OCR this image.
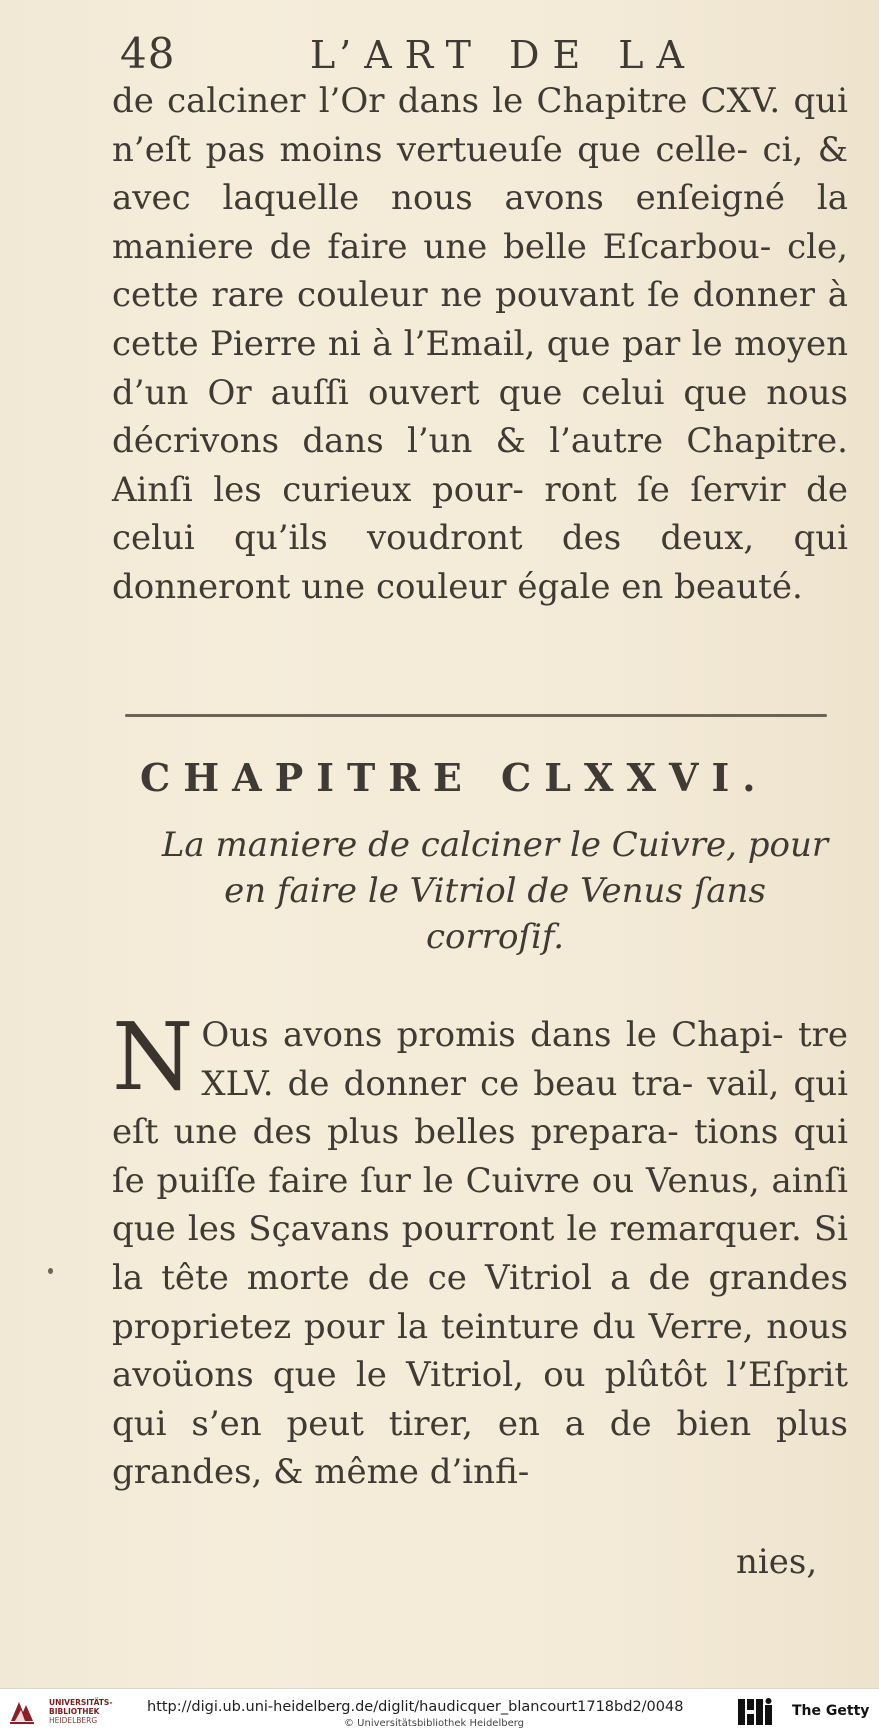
48	L’ART DE LA

de calciner l’Or dans le Chapitre CXV. qui n’eſt pas moins vertueuſe que celle- ci, & avec laquelle nous avons enſeigné la maniere de faire une belle Eſcarbou- cle, cette rare couleur ne pouvant ſe donner à cette Pierre ni à l’Email, que par le moyen d’un Or auſſi ouvert que celui que nous décrivons dans l’un & l’autre Chapitre. Ainſi les curieux pour- ront ſe ſervir de celui qu’ils voudront des deux, qui donneront une couleur égale en beauté.

CHAPITRE CLXXVI.

La maniere de calciner le Cuivre, pour
en faire le Vitriol de Venus ſans
corroſif.

N Ous avons promis dans le Chapi- tre XLV. de donner ce beau tra- vail, qui eſt une des plus belles prepara- tions qui ſe puiſſe faire ſur le Cuivre ou Venus, ainſi que les Sçavans pourront le remarquer. Si la tête morte de ce Vitriol a de grandes proprietez pour la teinture du Verre, nous avoüons que le Vitriol, ou plûtôt l’Eſprit qui s’en peut tirer, en a de bien plus grandes, & même d’infi-

nies,
UNIVERSITÄTS-
BIBLIOTHEK
HEIDELBERG
http://digi.ub.uni-heidelberg.de/diglit/haudicquer_blancourt1718bd2/0048
© Universitätsbibliothek Heidelberg
The Getty
